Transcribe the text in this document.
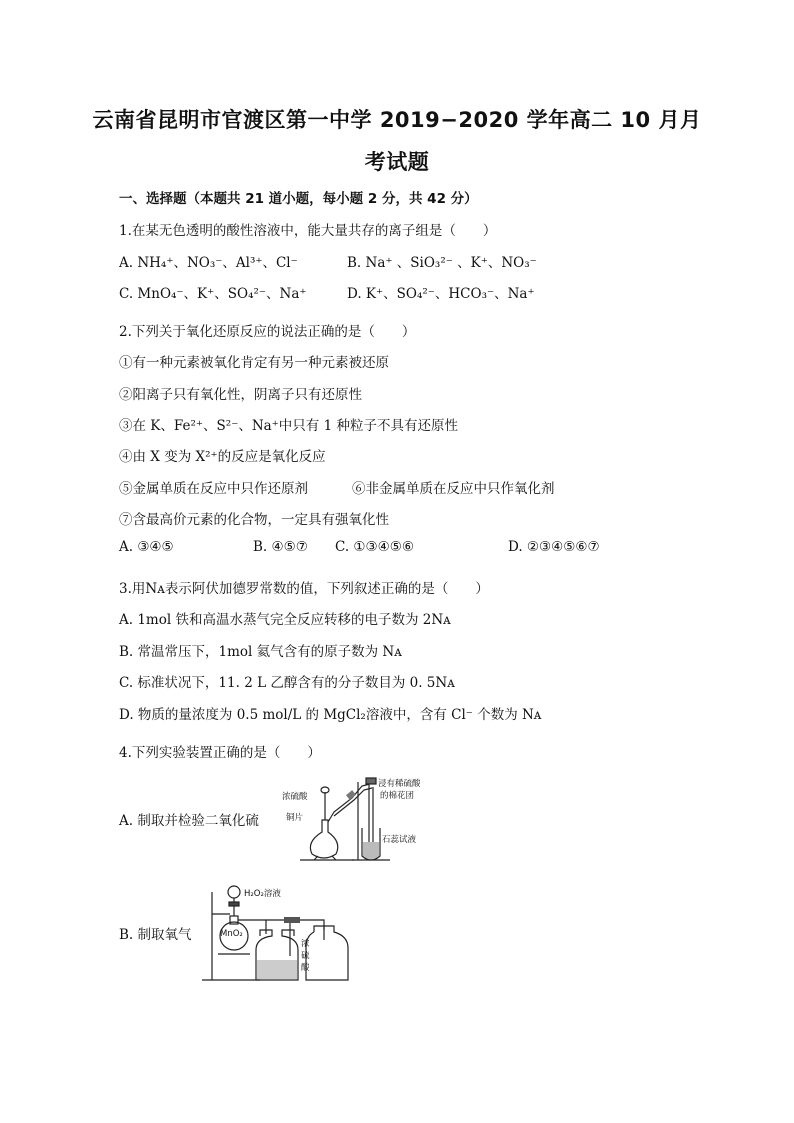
云南省昆明市官渡区第一中学 2019−2020 学年高二 10 月月
考试题
一、选择题（本题共 21 道小题，每小题 2 分，共 42 分）
1.在某无色透明的酸性溶液中，能大量共存的离子组是（　　）
A. NH₄⁺、NO₃⁻、Al³⁺、Cl⁻	B. Na⁺ 、SiO₃²⁻ 、K⁺、NO₃⁻
C. MnO₄⁻、K⁺、SO₄²⁻、Na⁺	D. K⁺、SO₄²⁻、HCO₃⁻、Na⁺
2.下列关于氧化还原反应的说法正确的是（　　）
①有一种元素被氧化肯定有另一种元素被还原
②阳离子只有氧化性，阴离子只有还原性
③在 K、Fe²⁺、S²⁻、Na⁺中只有 1 种粒子不具有还原性
④由 X 变为 X²⁺的反应是氧化反应
⑤金属单质在反应中只作还原剂	⑥非金属单质在反应中只作氧化剂
⑦含最高价元素的化合物，一定具有强氧化性
A. ③④⑤	B. ④⑤⑦ C. ①③④⑤⑥	D. ②③④⑤⑥⑦
3.用Nᴀ表示阿伏加德罗常数的值，下列叙述正确的是（　　）
A. 1mol 铁和高温水蒸气完全反应转移的电子数为 2Nᴀ
B. 常温常压下，1mol 氦气含有的原子数为 Nᴀ
C. 标准状况下，11. 2 L 乙醇含有的分子数目为 0. 5Nᴀ
D. 物质的量浓度为 0.5 mol/L 的 MgCl₂溶液中，含有 Cl⁻ 个数为 Nᴀ
4.下列实验装置正确的是（　　）
A. 制取并检验二氧化硫
B. 制取氧气
浓硫酸
铜片
浸有稀硫酸
的棉花团
石蕊试液
H₂O₂溶液
MnO₂
浓
硫
酸
